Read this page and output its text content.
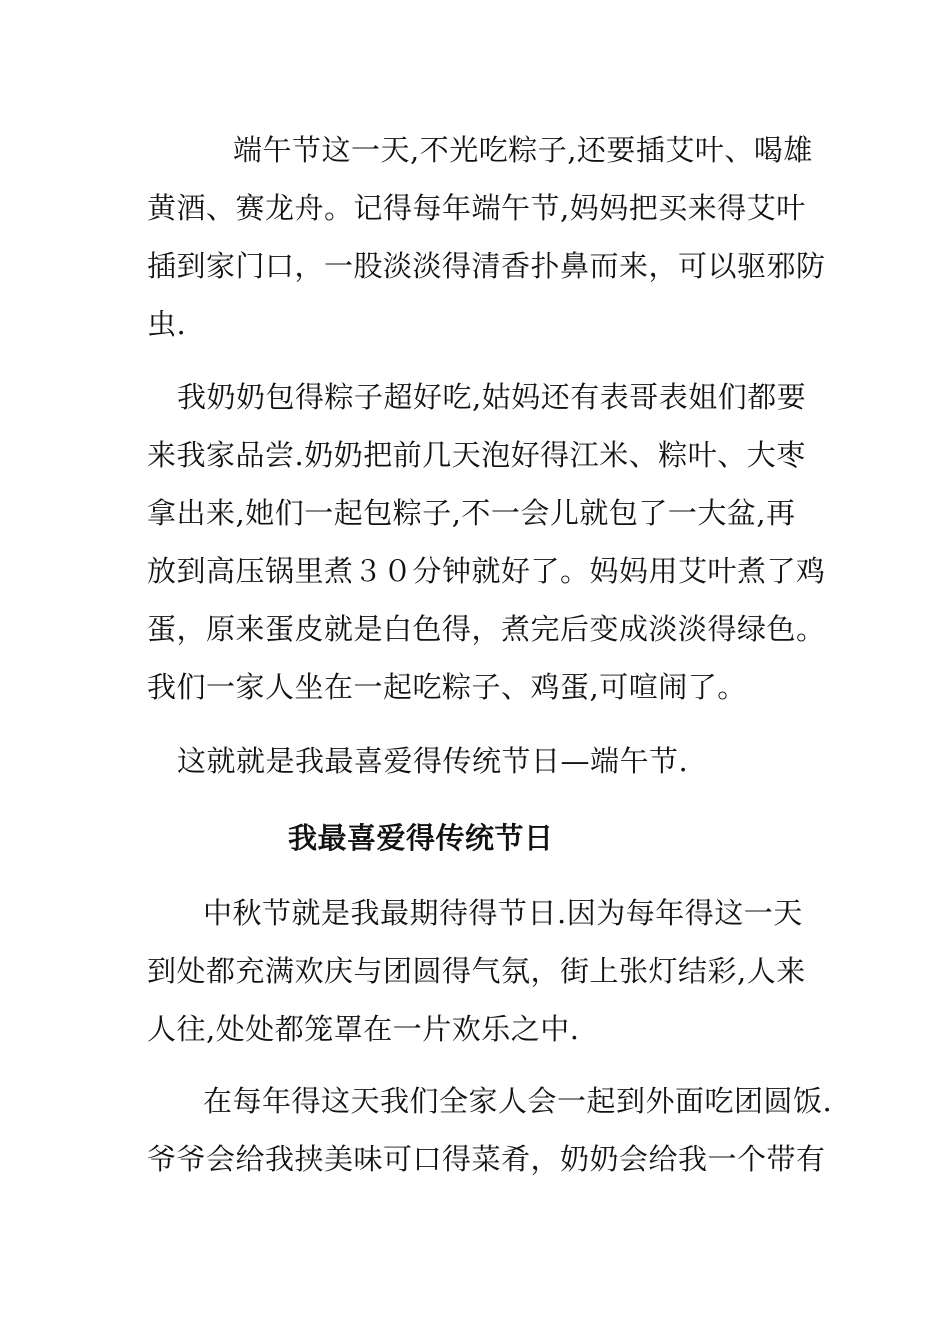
端午节这一天,不光吃粽子,还要插艾叶、喝雄
黄酒、赛龙舟。记得每年端午节,妈妈把买来得艾叶
插到家门口，一股淡淡得清香扑鼻而来，可以驱邪防
虫.
我奶奶包得粽子超好吃,姑妈还有表哥表姐们都要
来我家品尝.奶奶把前几天泡好得江米、粽叶、大枣
拿出来,她们一起包粽子,不一会儿就包了一大盆,再
放到高压锅里煮３０分钟就好了。妈妈用艾叶煮了鸡
蛋，原来蛋皮就是白色得，煮完后变成淡淡得绿色。
我们一家人坐在一起吃粽子、鸡蛋,可喧闹了。
这就就是我最喜爱得传统节日—端午节.
我最喜爱得传统节日
中秋节就是我最期待得节日.因为每年得这一天
到处都充满欢庆与团圆得气氛，街上张灯结彩,人来
人往,处处都笼罩在一片欢乐之中.
在每年得这天我们全家人会一起到外面吃团圆饭.
爷爷会给我挟美味可口得菜肴，奶奶会给我一个带有
